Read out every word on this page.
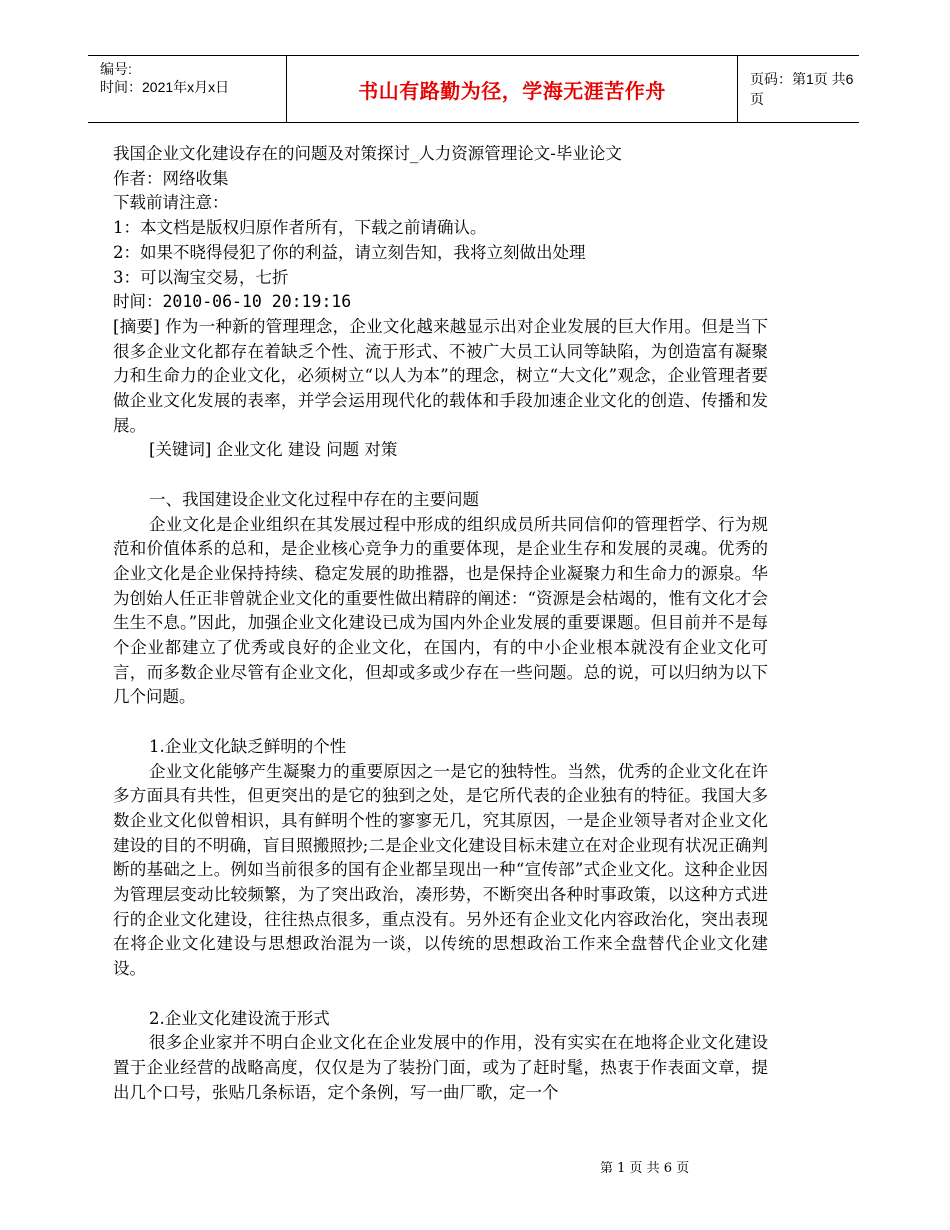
编号:
时间：2021年x月x日	书山有路勤为径，学海无涯苦作舟	页码：第1页 共6页

我国企业文化建设存在的问题及对策探讨_人力资源管理论文-毕业论文

作者：网络收集

下载前请注意：

1：本文档是版权归原作者所有，下载之前请确认。

2：如果不晓得侵犯了你的利益，请立刻告知，我将立刻做出处理

3：可以淘宝交易，七折

时间：2010-06-10 20:19:16

[摘要] 作为一种新的管理理念，企业文化越来越显示出对企业发展的巨大作用。但是当下很多企业文化都存在着缺乏个性、流于形式、不被广大员工认同等缺陷，为创造富有凝聚力和生命力的企业文化，必须树立“以人为本”的理念，树立“大文化”观念，企业管理者要做企业文化发展的表率，并学会运用现代化的载体和手段加速企业文化的创造、传播和发展。

[关键词] 企业文化 建设 问题 对策

一、我国建设企业文化过程中存在的主要问题

企业文化是企业组织在其发展过程中形成的组织成员所共同信仰的管理哲学、行为规范和价值体系的总和，是企业核心竞争力的重要体现，是企业生存和发展的灵魂。优秀的企业文化是企业保持持续、稳定发展的助推器，也是保持企业凝聚力和生命力的源泉。华为创始人任正非曾就企业文化的重要性做出精辟的阐述：“资源是会枯竭的，惟有文化才会生生不息。”因此，加强企业文化建设已成为国内外企业发展的重要课题。但目前并不是每个企业都建立了优秀或良好的企业文化，在国内，有的中小企业根本就没有企业文化可言，而多数企业尽管有企业文化，但却或多或少存在一些问题。总的说，可以归纳为以下几个问题。

1.企业文化缺乏鲜明的个性

企业文化能够产生凝聚力的重要原因之一是它的独特性。当然，优秀的企业文化在许多方面具有共性，但更突出的是它的独到之处，是它所代表的企业独有的特征。我国大多数企业文化似曾相识，具有鲜明个性的寥寥无几，究其原因，一是企业领导者对企业文化建设的目的不明确，盲目照搬照抄;二是企业文化建设目标未建立在对企业现有状况正确判断的基础之上。例如当前很多的国有企业都呈现出一种“宣传部”式企业文化。这种企业因为管理层变动比较频繁，为了突出政治，凑形势，不断突出各种时事政策，以这种方式进行的企业文化建设，往往热点很多，重点没有。另外还有企业文化内容政治化，突出表现在将企业文化建设与思想政治混为一谈，以传统的思想政治工作来全盘替代企业文化建设。

2.企业文化建设流于形式

很多企业家并不明白企业文化在企业发展中的作用，没有实实在在地将企业文化建设置于企业经营的战略高度，仅仅是为了装扮门面，或为了赶时髦，热衷于作表面文章，提出几个口号，张贴几条标语，定个条例，写一曲厂歌，定一个

第 1 页 共 6 页
